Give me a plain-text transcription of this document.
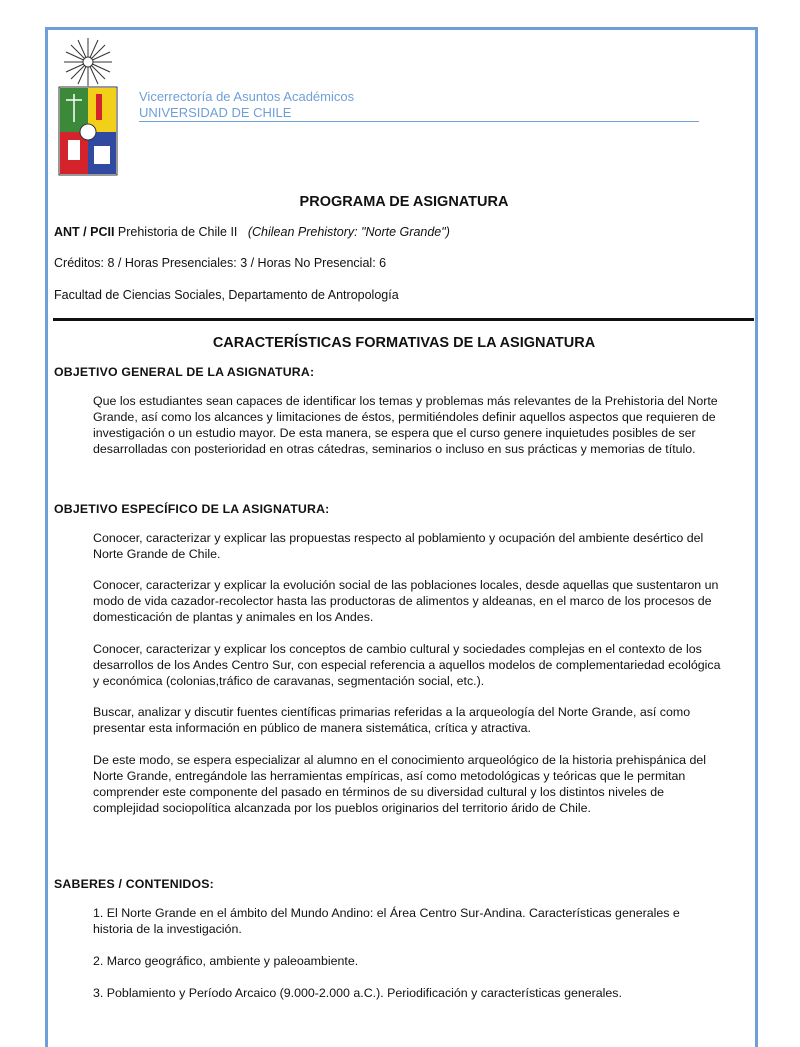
Vicerrectoría de Asuntos Académicos
UNIVERSIDAD DE CHILE
PROGRAMA DE ASIGNATURA
ANT / PCII Prehistoria de Chile II (Chilean Prehistory: "Norte Grande")
Créditos: 8 / Horas Presenciales: 3 / Horas No Presencial: 6
Facultad de Ciencias Sociales, Departamento de Antropología
CARACTERÍSTICAS FORMATIVAS DE LA ASIGNATURA
OBJETIVO GENERAL DE LA ASIGNATURA:
Que los estudiantes sean capaces de identificar los temas y problemas más relevantes de la Prehistoria del Norte Grande, así como los alcances y limitaciones de éstos, permitiéndoles definir aquellos aspectos que requieren de investigación o un estudio mayor. De esta manera, se espera que el curso genere inquietudes posibles de ser desarrolladas con posterioridad en otras cátedras, seminarios o incluso en sus prácticas y memorias de título.
OBJETIVO ESPECÍFICO DE LA ASIGNATURA:
Conocer, caracterizar y explicar las propuestas respecto al poblamiento y ocupación del ambiente desértico del Norte Grande de Chile.
Conocer, caracterizar y explicar la evolución social de las poblaciones locales, desde aquellas que sustentaron un modo de vida cazador-recolector hasta las productoras de alimentos y aldeanas, en el marco de los procesos de domesticación de plantas y animales en los Andes.
Conocer, caracterizar y explicar los conceptos de cambio cultural y sociedades complejas en el contexto de los desarrollos de los Andes Centro Sur, con especial referencia a aquellos modelos de complementariedad ecológica y económica (colonias,tráfico de caravanas, segmentación social, etc.).
Buscar, analizar y discutir fuentes científicas primarias referidas a la arqueología del Norte Grande, así como presentar esta información en público de manera sistemática, crítica y atractiva.
De este modo, se espera especializar al alumno en el conocimiento arqueológico de la historia prehispánica del Norte Grande, entregándole las herramientas empíricas, así como metodológicas y teóricas que le permitan comprender este componente del pasado en términos de su diversidad cultural y los distintos niveles de complejidad sociopolítica alcanzada por los pueblos originarios del territorio árido de Chile.
SABERES / CONTENIDOS:
1. El Norte Grande en el ámbito del Mundo Andino: el Área Centro Sur-Andina. Características generales e historia de la investigación.
2. Marco geográfico, ambiente y paleoambiente.
3. Poblamiento y Período Arcaico (9.000-2.000 a.C.). Periodificación y características generales.
